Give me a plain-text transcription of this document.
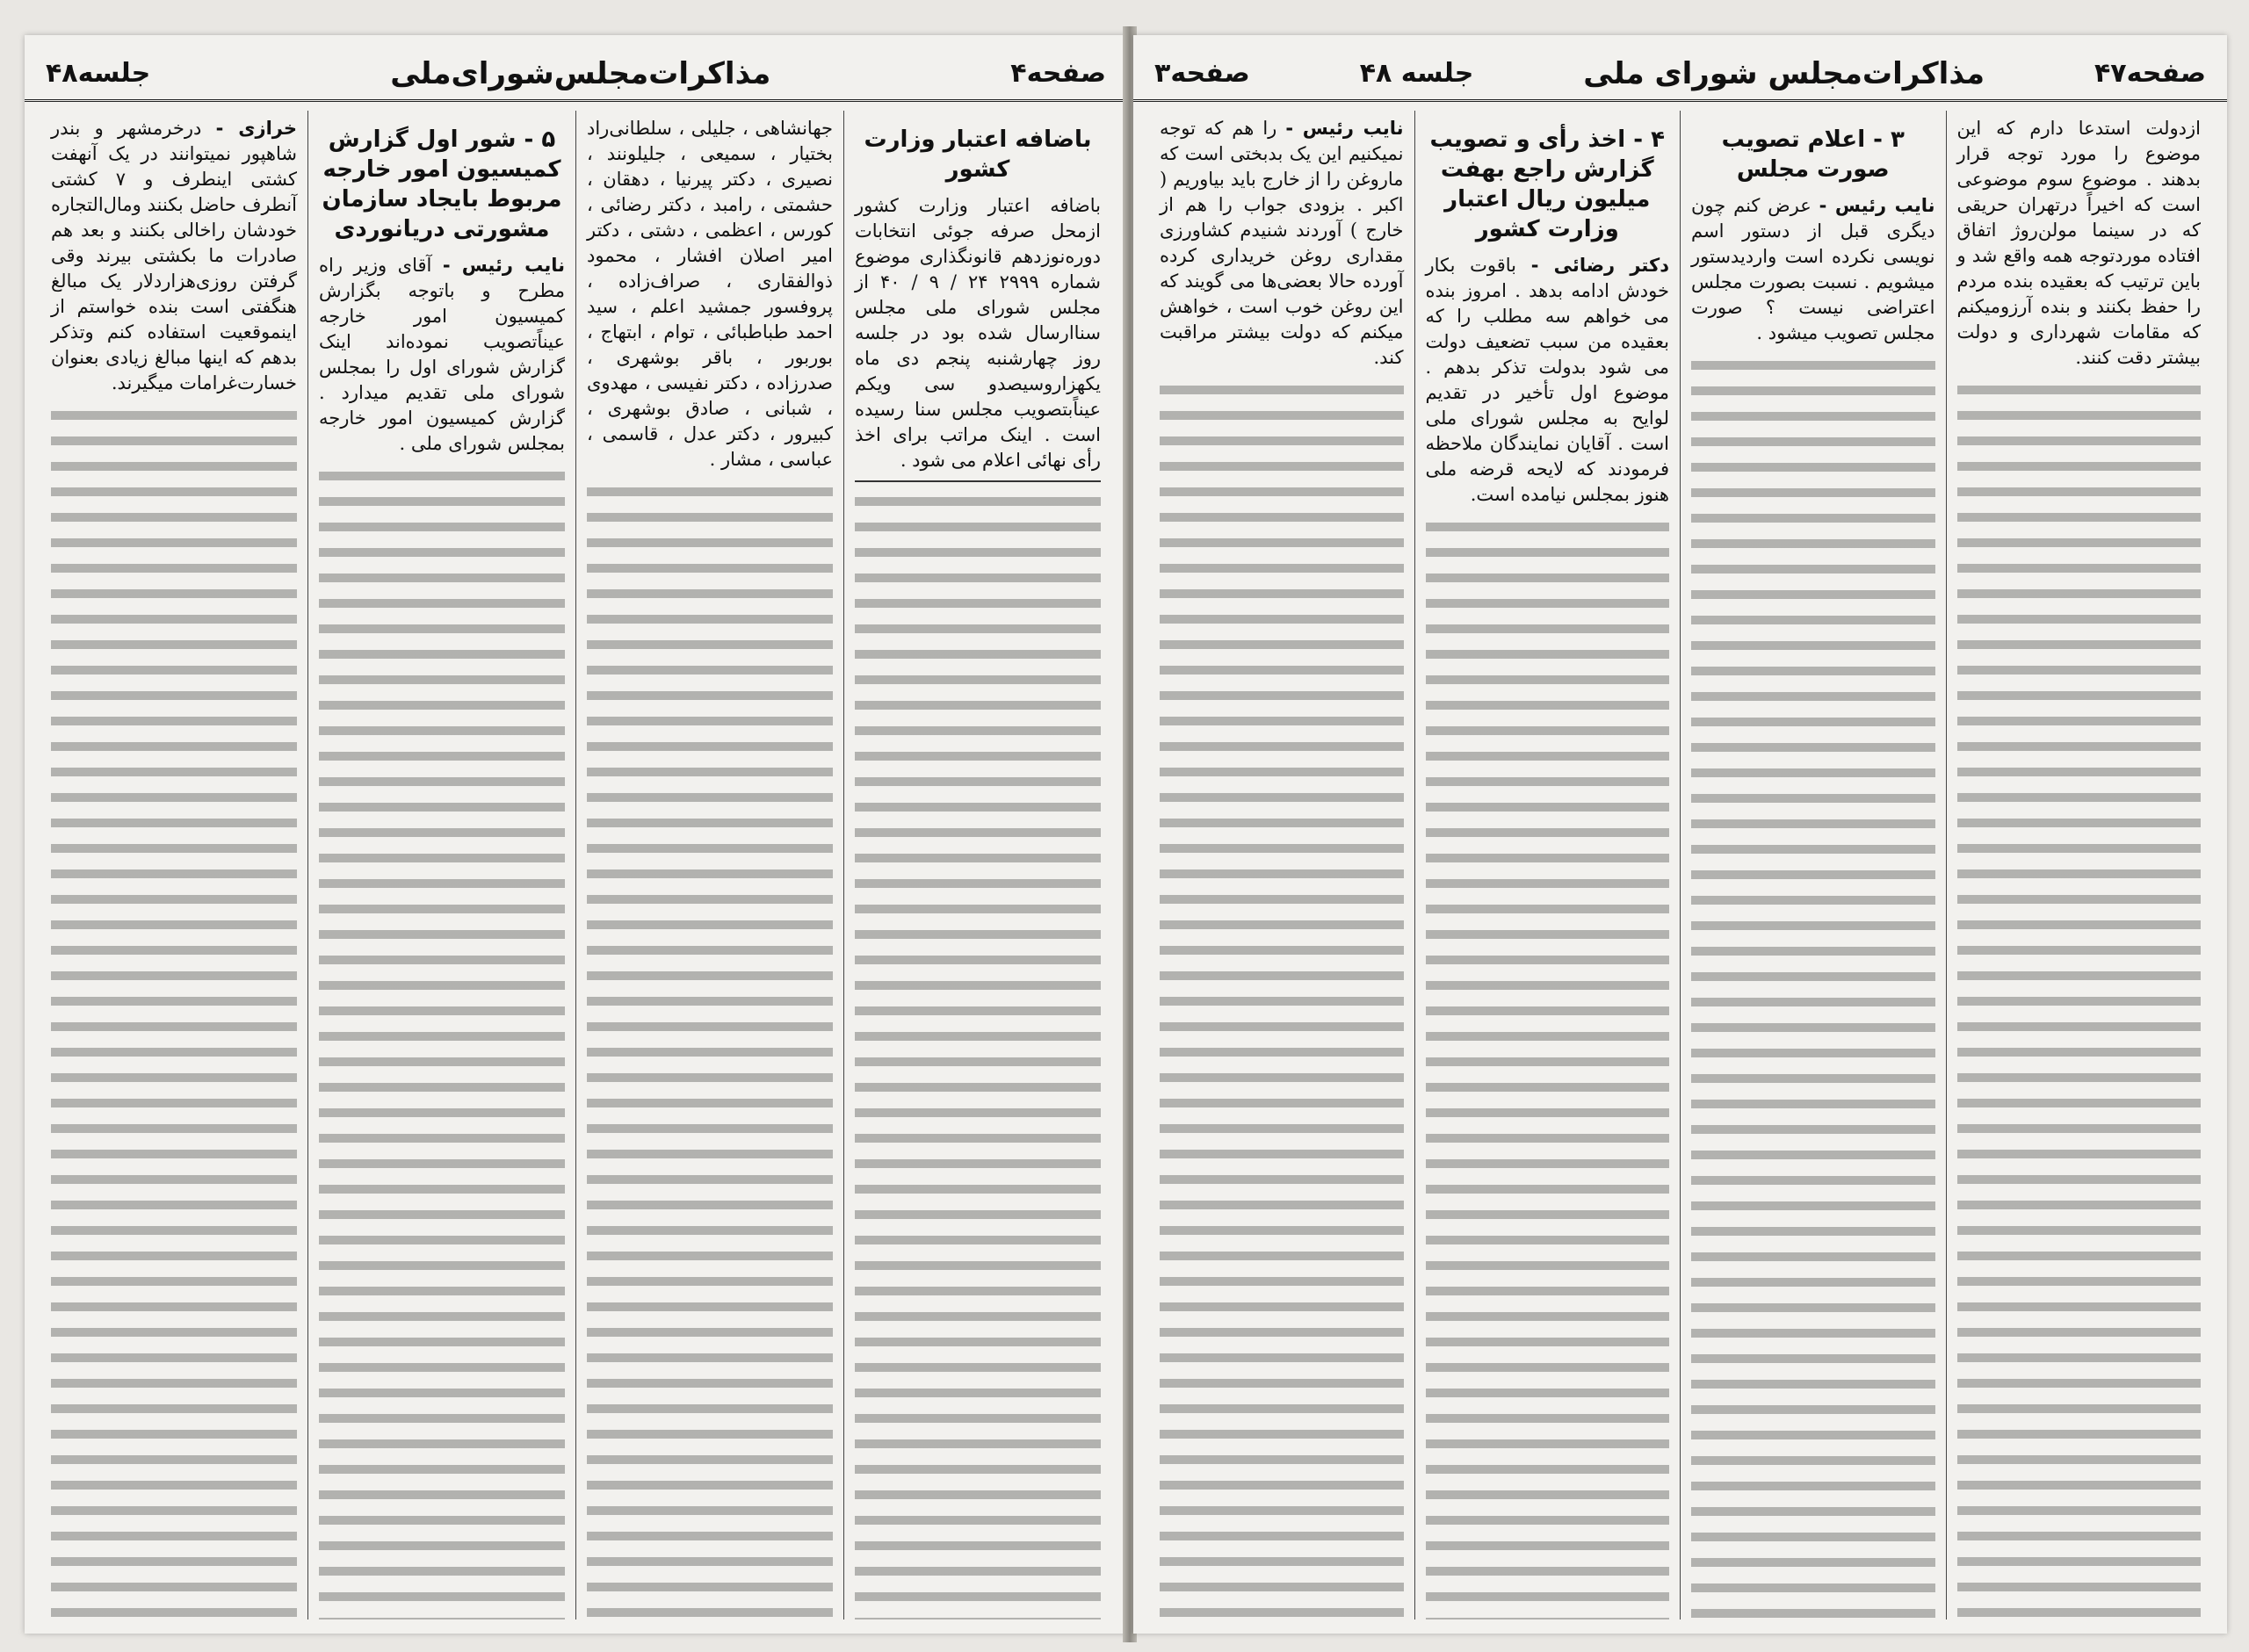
صفحه۴
مذاکرات‌مجلس‌شورای‌ملی
جلسه۴۸
باضافه اعتبار وزارت کشور

باضافه اعتبار وزارت کشور ازمحل صرفه جوئی انتخابات دوره‌نوزدهم قانونگذاری موضوع شماره ۲۹۹۹ ۲۴ / ۹ / ۴۰ از مجلس شورای ملی مجلس سناارسال شده بود در جلسه روز چهارشنبه پنجم دی ماه یکهزاروسیصدو سی ویکم عیناًبتصویب مجلس سنا رسیده است . اینک مراتب برای اخذ رأی نهائی اعلام می شود .

جهانشاهی ، جلیلی ، سلطانی‌راد بختیار ، سمیعی ، جلیلونند ، نصیری ، دکتر پیرنیا ، دهقان ، حشمتی ، رامبد ، دکتر رضائی ، کورس ، اعظمی ، دشتی ، دکتر امیر اصلان افشار ، محمود ذوالفقاری ، صراف‌زاده ، پروفسور جمشید اعلم ، سید احمد طباطبائی ، توام ، ابتهاج ، بوربور ، باقر بوشهری ، صدرزاده ، دکتر نفیسی ، مهدوی ، شبانی ، صادق بوشهری ، کبیرور ، دکتر عدل ، قاسمی ، عباسی ، مشار .

۵ - شور اول گزارش کمیسیون امور خارجه مربوط بایجاد سازمان مشورتی دریانوردی

نایب رئیس - آقای وزیر راه مطرح و باتوجه بگزارش کمیسیون امور خارجه عیناًتصویب نموده‌اند اینک گزارش شورای اول را بمجلس شورای ملی تقدیم میدارد . گزارش کمیسیون امور خارجه بمجلس شورای ملی .

خرازی - درخرمشهر و بندر شاهپور نمیتوانند در یک آنهفت کشتی اینطرف و ۷ کشتی آنطرف حاضل بکنند ومال‌التجاره خودشان راخالی بکنند و بعد هم صادرات ما بکشتی بیرند وقی گرفتن روزی‌هزاردلار یک مبالغ هنگفتی است بنده خواستم از اینموقعیت استفاده کنم وتذکر بدهم که اینها مبالغ زیادی بعنوان خسارت‌غرامات میگیرند.

صفحه۴۷
مذاکرات‌مجلس شورای ملی
جلسه ۴۸
صفحه۳

ازدولت استدعا دارم که این موضوع را مورد توجه قرار بدهند . موضوع سوم موضوعی است که اخیراً درتهران حریقی که در سینما مولن‌روژ اتفاق افتاده موردتوجه همه واقع شد و باین ترتیب که بعقیده بنده مردم را حفظ بکنند و بنده آرزومیکنم که مقامات شهرداری و دولت بیشتر دقت کنند.

۳ - اعلام تصویب صورت مجلس

نایب رئیس - عرض کنم چون دیگری قبل از دستور اسم نویسی نکرده است واردیدستور میشویم . نسبت بصورت مجلس اعتراضی نیست ؟ صورت مجلس تصویب میشود .

۴ - اخذ رأی و تصویب گزارش راجع بهفت میلیون ریال اعتبار وزارت کشور

دکتر رضائی - باقوت بکار خودش ادامه بدهد . امروز بنده می خواهم سه مطلب را که بعقیده من سبب تضعیف دولت می شود بدولت تذکر بدهم . موضوع اول تأخیر در تقدیم لوایح به مجلس شورای ملی است . آقایان نمایندگان ملاحظه فرمودند که لایحه قرضه ملی هنوز بمجلس نیامده است.

نایب رئیس - را هم که توجه نمیکنیم این یک بدبختی است که ماروغن را از خارج باید بیاوریم ( اکبر . بزودی جواب را هم از خارج ) آوردند شنیدم کشاورزی مقداری روغن خریداری کرده آورده حالا بعضی‌ها می گویند که این روغن خوب است ، خواهش میکنم که دولت بیشتر مراقبت کند.
